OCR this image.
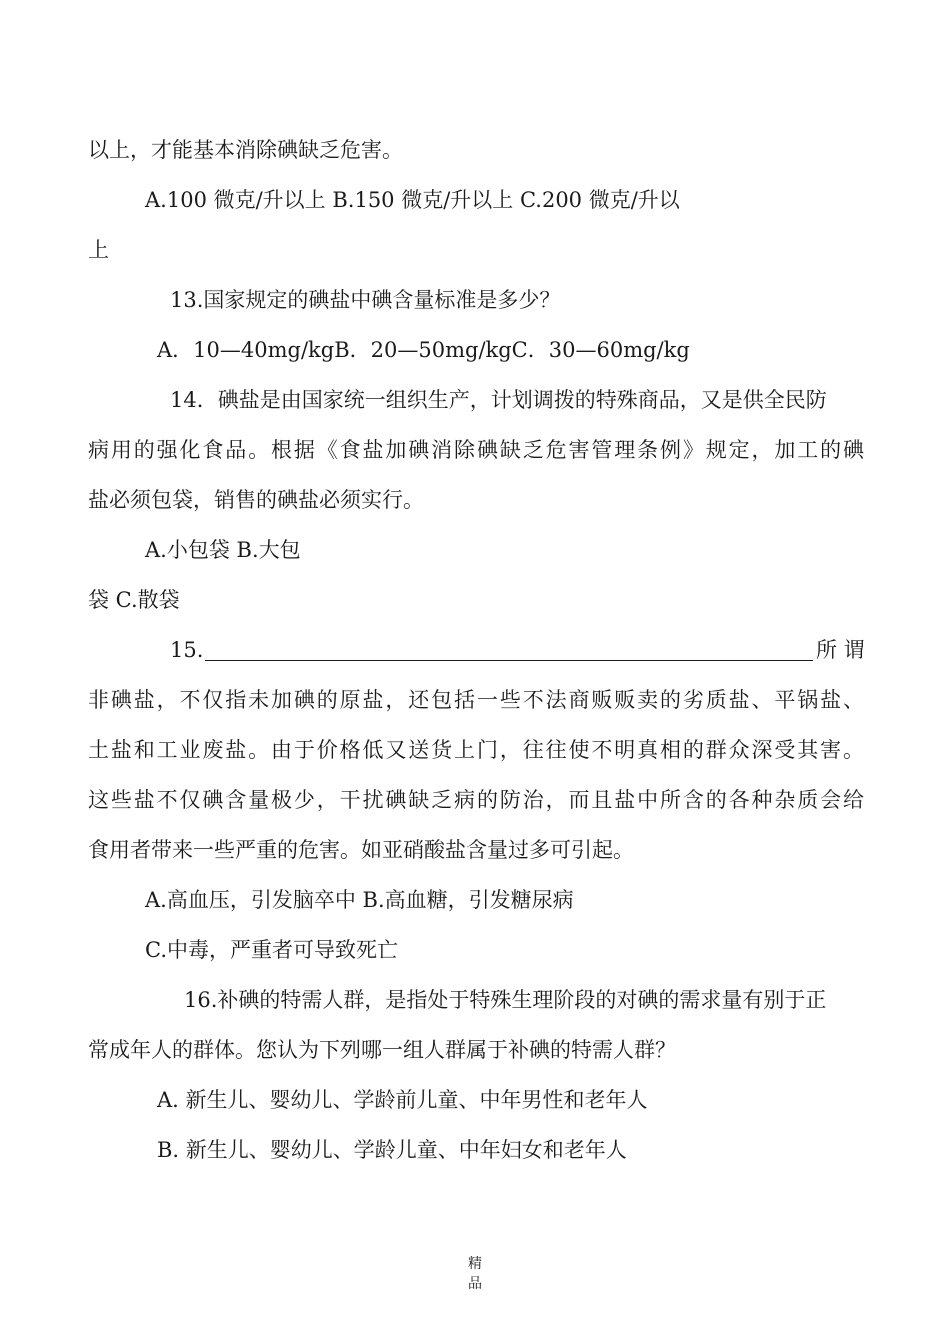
以上，才能基本消除碘缺乏危害。
A.100 微克/升以上 B.150 微克/升以上 C.200 微克/升以
上
13.国家规定的碘盐中碘含量标准是多少？
A．10—40mg/kgB．20—50mg/kgC．30—60mg/kg
14．碘盐是由国家统一组织生产，计划调拨的特殊商品，又是供全民防
病用的强化食品。根据《食盐加碘消除碘缺乏危害管理条例》规定，加工的碘
盐必须包袋，销售的碘盐必须实行。
A.小包袋 B.大包
袋 C.散袋
15.	所 谓
非碘盐，不仅指未加碘的原盐，还包括一些不法商贩贩卖的劣质盐、平锅盐、
土盐和工业废盐。由于价格低又送货上门，往往使不明真相的群众深受其害。
这些盐不仅碘含量极少，干扰碘缺乏病的防治，而且盐中所含的各种杂质会给
食用者带来一些严重的危害。如亚硝酸盐含量过多可引起。
A.高血压，引发脑卒中 B.高血糖，引发糖尿病
C.中毒，严重者可导致死亡
16.补碘的特需人群，是指处于特殊生理阶段的对碘的需求量有别于正
常成年人的群体。您认为下列哪一组人群属于补碘的特需人群？
A. 新生儿、婴幼儿、学龄前儿童、中年男性和老年人
B. 新生儿、婴幼儿、学龄儿童、中年妇女和老年人
精品
